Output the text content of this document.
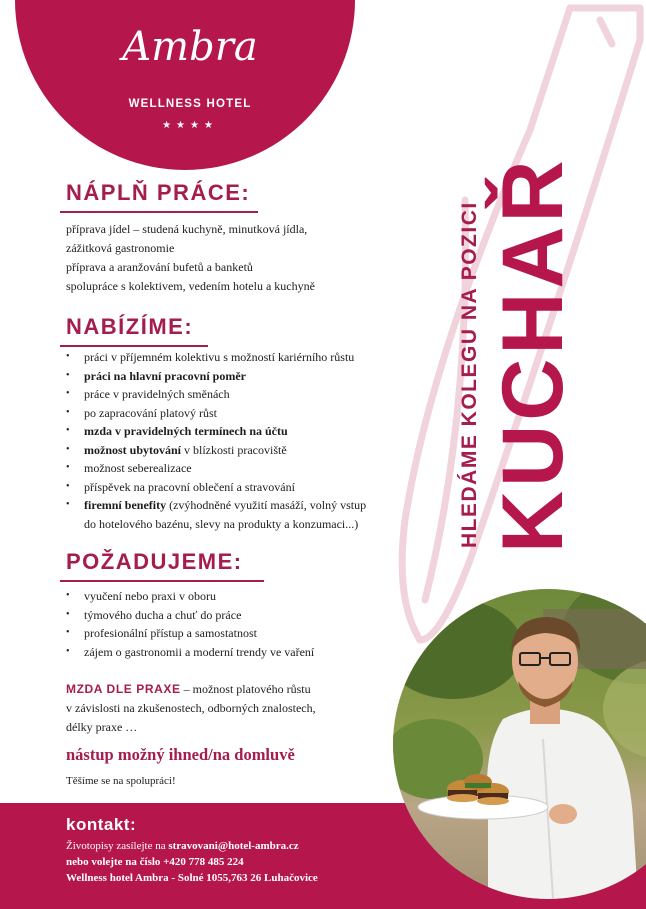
Ambra
WELLNESS HOTEL
★★★★
NÁPLŇ PRÁCE:
příprava jídel – studená kuchyně, minutková jídla,
zážitková gastronomie
příprava a aranžování bufetů a banketů
spolupráce s kolektivem, vedením hotelu a kuchyně
NABÍZÍME:
• práci v příjemném kolektivu s možností kariérního růstu
• práci na hlavní pracovní poměr
• práce v pravidelných směnách
• po zapracování platový růst
• mzda v pravidelných termínech na účtu
• možnost ubytování v blízkosti pracoviště
• možnost seberealizace
• příspěvek na pracovní oblečení a stravování
• firemní benefity (zvýhodněné využití masáží, volný vstup
do hotelového bazénu, slevy na produkty a konzumaci...)
POŽADUJEME:
• vyučení nebo praxi v oboru
• týmového ducha a chuť do práce
• profesionální přístup a samostatnost
• zájem o gastronomii a moderní trendy ve vaření
MZDA DLE PRAXE – možnost platového růstu
v závislosti na zkušenostech, odborných znalostech,
délky praxe …
nástup možný ihned/na domluvě
Těšíme se na spolupráci!
HLEDÁME KOLEGU NA POZICI KUCHAŘ
kontakt:
Životopisy zasílejte na stravovani@hotel-ambra.cz
nebo volejte na číslo +420 778 485 224
Wellness hotel Ambra - Solné 1055,763 26 Luhačovice
